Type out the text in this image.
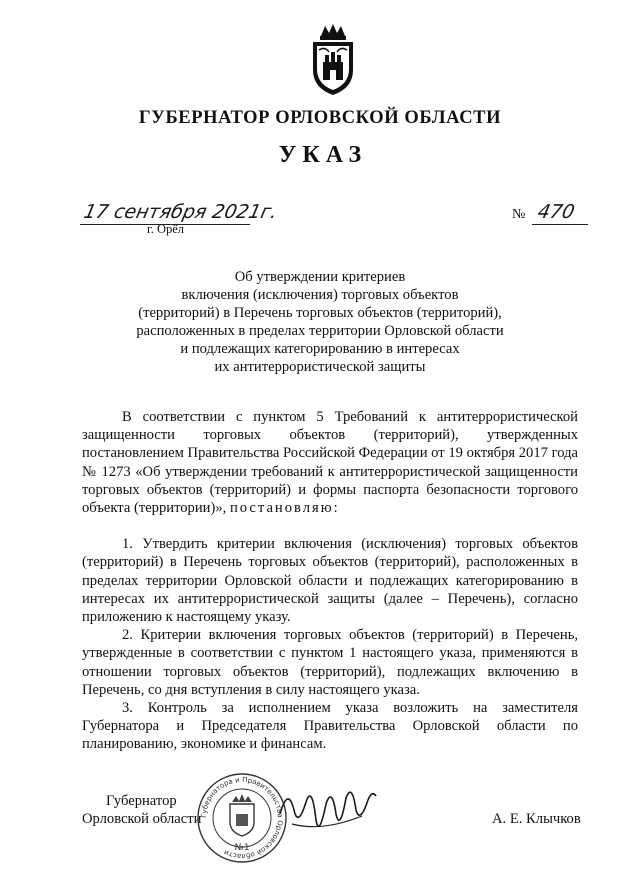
ГУБЕРНАТОР ОРЛОВСКОЙ ОБЛАСТИ
УКАЗ
17 сентября 2021г.
г. Орёл
№ 470
Об утверждении критериев
включения (исключения) торговых объектов
(территорий) в Перечень торговых объектов (территорий),
расположенных в пределах территории Орловской области
и подлежащих категорированию в интересах
их антитеррористической защиты

В соответствии с пунктом 5 Требований к антитеррористической защищенности торговых объектов (территорий), утвержденных постановлением Правительства Российской Федерации от 19 октября 2017 года № 1273 «Об утверждении требований к антитеррористической защищенности торговых объектов (территорий) и формы паспорта безопасности торгового объекта (территории)», постановляю:

1. Утвердить критерии включения (исключения) торговых объектов (территорий) в Перечень торговых объектов (территорий), расположенных в пределах территории Орловской области и подлежащих категорированию в интересах их антитеррористической защиты (далее – Перечень), согласно приложению к настоящему указу.

2. Критерии включения торговых объектов (территорий) в Перечень, утвержденные в соответствии с пунктом 1 настоящего указа, применяются в отношении торговых объектов (территорий), подлежащих включению в Перечень, со дня вступления в силу настоящего указа.

3. Контроль за исполнением указа возложить на заместителя Губернатора и Председателя Правительства Орловской области по планированию, экономике и финансам.

Губернатора и Правительства Орловской области №1
Губернатор
Орловской области	А. Е. Клычков
